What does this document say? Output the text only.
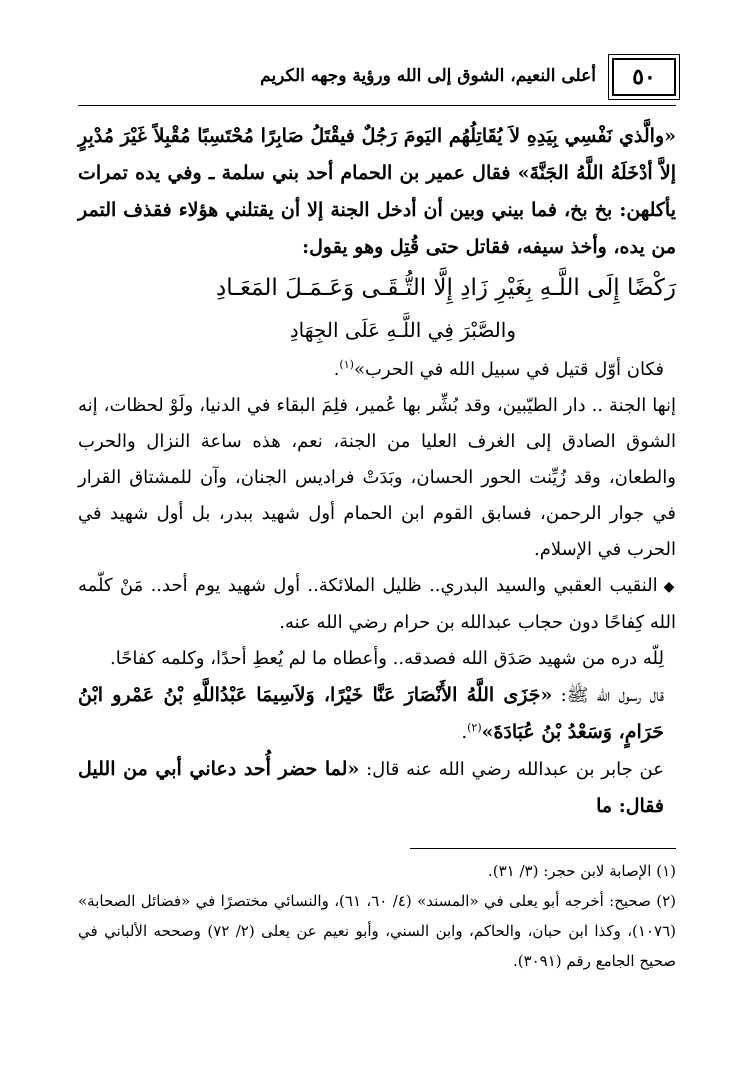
٥٠
أعلى النعيم، الشوق إلى الله ورؤية وجهه الكريم

«والَّذي نَفْسِي بِيَدِهِ لاَ يُقَاتِلُهُم اليَومَ رَجُلٌ فيقْتَلُ صَابِرًا مُحْتَسِبًا مُقْبِلاً غَيْرَ مُدْبِرٍ إلاَّ أدْخَلَهُ اللَّهُ الجَنَّةَ» فقال عمير بن الحمام أحد بني سلمة ـ وفي يده تمرات يأكلهن: بخ بخ، فما بيني وبين أن أدخل الجنة إلا أن يقتلني هؤلاء فقذف التمر من يده، وأخذ سيفه، فقاتل حتى قُتِل وهو يقول:

رَكْضًا إِلَى اللَّـهِ بِغَيْرِ زَادِ إِلَّا التُّـقَـى وَعَـمَـلَ المَعَـادِ
والصَّبْرَ فِي اللَّـهِ عَلَى الجِهَادِ

فكان أوّل قتيل في سبيل الله في الحرب»$^{(١)}$.

إنها الجنة .. دار الطيّبين، وقد بُشِّر بها عُمير، فلِمَ البقاء في الدنيا، ولَوْ لحظات، إنه الشوق الصادق إلى الغرف العليا من الجنة، نعم، هذه ساعة النزال والحرب والطعان، وقد زُيِّنت الحور الحسان، وبَدَتْ فراديس الجنان، وآن للمشتاق القرار في جوار الرحمن، فسابق القوم ابن الحمام أول شهيد ببدر، بل أول شهيد في الحرب في الإسلام.

◆النقيب العقبي والسيد البدري.. ظليل الملائكة.. أول شهيد يوم أحد.. مَنْ كلّمه الله كِفاحًا دون حجاب عبدالله بن حرام رضي الله عنه.

لِلّه دره من شهيد صَدَق الله فصدقه.. وأعطاه ما لم يُعطِ أحدًا، وكلمه كفاحًا.

قال رسول الله ﷺ: «جَزَى اللَّهُ الأَنْصَارَ عَنَّا خَيْرًا، وَلاَسِيمَا عَبْدُاللَّهِ بْنُ عَمْرو ابْنُ حَرَامٍ، وَسَعْدُ بْنُ عُبَادَةَ»$^{(٢)}$.

عن جابر بن عبدالله رضي الله عنه قال: «لما حضر أُحد دعاني أبي من الليل فقال: ما

(١) الإصابة لابن حجر: (٣/ ٣١).

(٢) صحيح: أخرجه أبو يعلى في «المسند» (٤/ ٦٠، ٦١)، والنسائي مختصرًا في «فضائل الصحابة» (١٠٧٦)، وكذا ابن حبان، والحاكم، وابن السني، وأبو نعيم عن يعلى (٢/ ٧٢) وصححه الألباني في صحيح الجامع رقم (٣٠٩١).
